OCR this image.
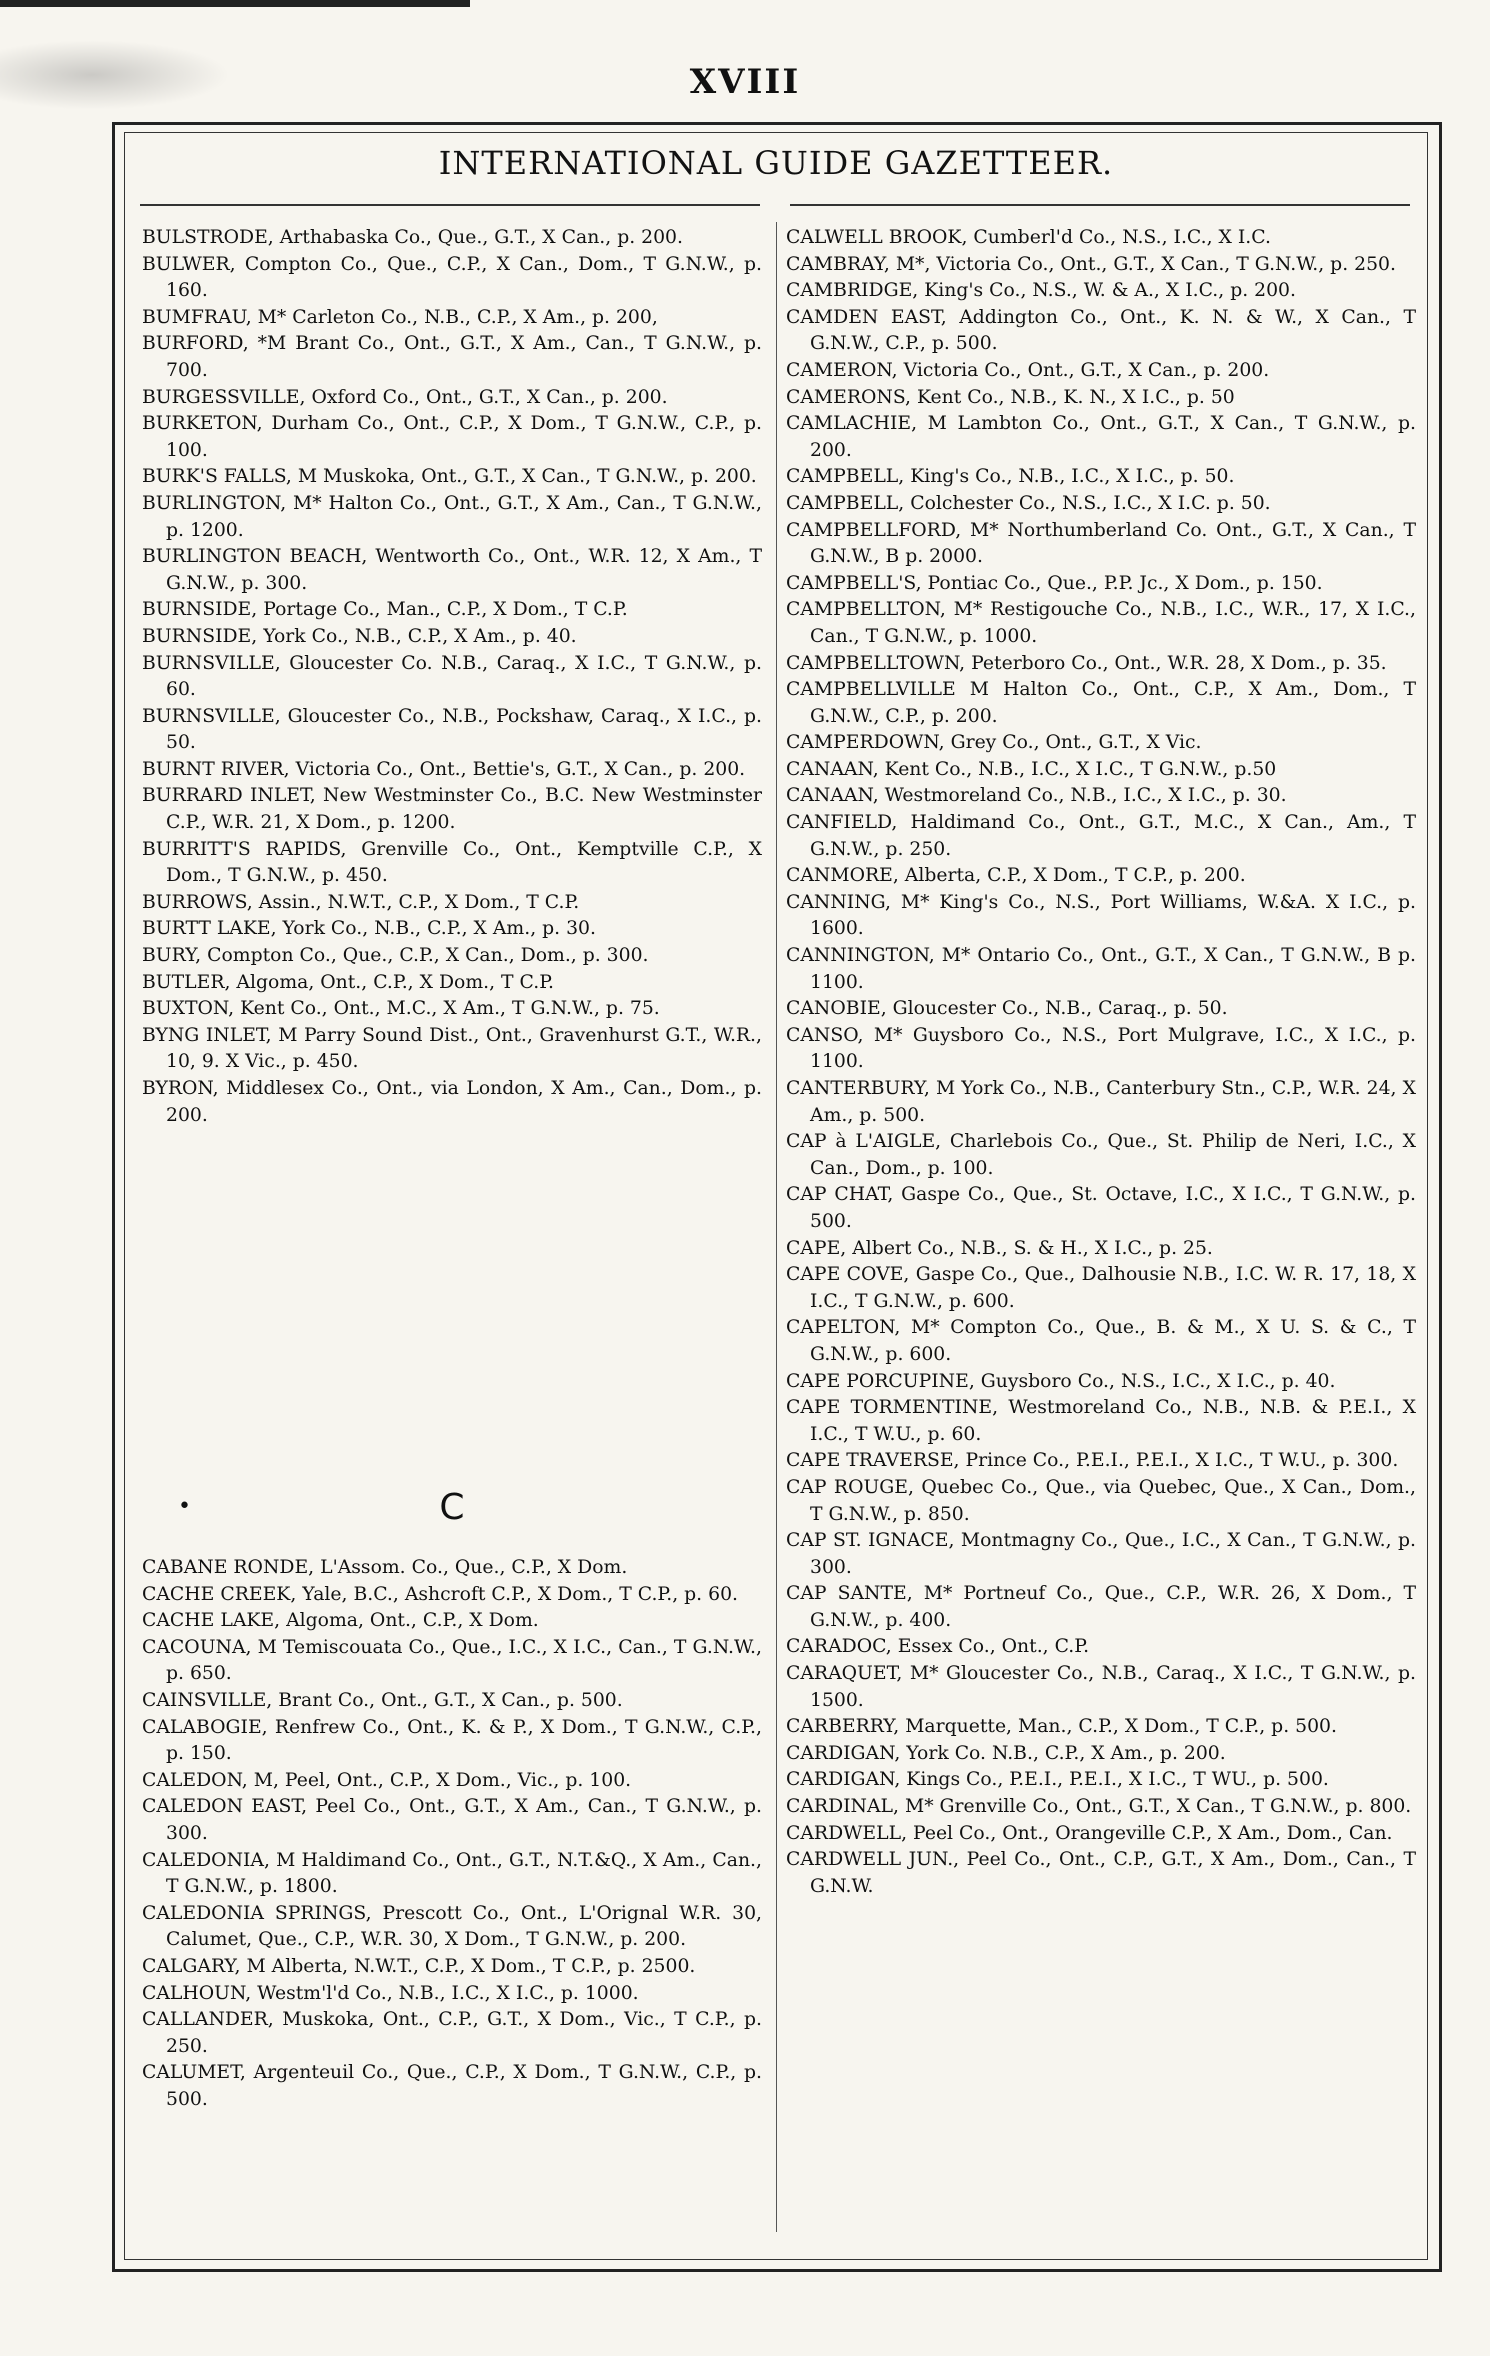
XVIII
INTERNATIONAL GUIDE GAZETTEER.
BULSTRODE, Arthabaska Co., Que., G.T., X Can., p. 200.
BULWER, Compton Co., Que., C.P., X Can., Dom., T G.N.W., p. 160.
BUMFRAU, M* Carleton Co., N.B., C.P., X Am., p. 200,
BURFORD, *M Brant Co., Ont., G.T., X Am., Can., T G.N.W., p. 700.
BURGESSVILLE, Oxford Co., Ont., G.T., X Can., p. 200.
BURKETON, Durham Co., Ont., C.P., X Dom., T G.N.W., C.P., p. 100.
BURK'S FALLS, M Muskoka, Ont., G.T., X Can., T G.N.W., p. 200.
BURLINGTON, M* Halton Co., Ont., G.T., X Am., Can., T G.N.W., p. 1200.
BURLINGTON BEACH, Wentworth Co., Ont., W.R. 12, X Am., T G.N.W., p. 300.
BURNSIDE, Portage Co., Man., C.P., X Dom., T C.P.
BURNSIDE, York Co., N.B., C.P., X Am., p. 40.
BURNSVILLE, Gloucester Co. N.B., Caraq., X I.C., T G.N.W., p. 60.
BURNSVILLE, Gloucester Co., N.B., Pockshaw, Caraq., X I.C., p. 50.
BURNT RIVER, Victoria Co., Ont., Bettie's, G.T., X Can., p. 200.
BURRARD INLET, New Westminster Co., B.C. New Westminster C.P., W.R. 21, X Dom., p. 1200.
BURRITT'S RAPIDS, Grenville Co., Ont., Kemptville C.P., X Dom., T G.N.W., p. 450.
BURROWS, Assin., N.W.T., C.P., X Dom., T C.P.
BURTT LAKE, York Co., N.B., C.P., X Am., p. 30.
BURY, Compton Co., Que., C.P., X Can., Dom., p. 300.
BUTLER, Algoma, Ont., C.P., X Dom., T C.P.
BUXTON, Kent Co., Ont., M.C., X Am., T G.N.W., p. 75.
BYNG INLET, M Parry Sound Dist., Ont., Gravenhurst G.T., W.R., 10, 9. X Vic., p. 450.
BYRON, Middlesex Co., Ont., via London, X Am., Can., Dom., p. 200.
•	C
CABANE RONDE, L'Assom. Co., Que., C.P., X Dom.
CACHE CREEK, Yale, B.C., Ashcroft C.P., X Dom., T C.P., p. 60.
CACHE LAKE, Algoma, Ont., C.P., X Dom.
CACOUNA, M Temiscouata Co., Que., I.C., X I.C., Can., T G.N.W., p. 650.
CAINSVILLE, Brant Co., Ont., G.T., X Can., p. 500.
CALABOGIE, Renfrew Co., Ont., K. & P., X Dom., T G.N.W., C.P., p. 150.
CALEDON, M, Peel, Ont., C.P., X Dom., Vic., p. 100.
CALEDON EAST, Peel Co., Ont., G.T., X Am., Can., T G.N.W., p. 300.
CALEDONIA, M Haldimand Co., Ont., G.T., N.T.&Q., X Am., Can., T G.N.W., p. 1800.
CALEDONIA SPRINGS, Prescott Co., Ont., L'Orignal W.R. 30, Calumet, Que., C.P., W.R. 30, X Dom., T G.N.W., p. 200.
CALGARY, M Alberta, N.W.T., C.P., X Dom., T C.P., p. 2500.
CALHOUN, Westm'l'd Co., N.B., I.C., X I.C., p. 1000.
CALLANDER, Muskoka, Ont., C.P., G.T., X Dom., Vic., T C.P., p. 250.
CALUMET, Argenteuil Co., Que., C.P., X Dom., T G.N.W., C.P., p. 500.
CALWELL BROOK, Cumberl'd Co., N.S., I.C., X I.C.
CAMBRAY, M*, Victoria Co., Ont., G.T., X Can., T G.N.W., p. 250.
CAMBRIDGE, King's Co., N.S., W. & A., X I.C., p. 200.
CAMDEN EAST, Addington Co., Ont., K. N. & W., X Can., T G.N.W., C.P., p. 500.
CAMERON, Victoria Co., Ont., G.T., X Can., p. 200.
CAMERONS, Kent Co., N.B., K. N., X I.C., p. 50
CAMLACHIE, M Lambton Co., Ont., G.T., X Can., T G.N.W., p. 200.
CAMPBELL, King's Co., N.B., I.C., X I.C., p. 50.
CAMPBELL, Colchester Co., N.S., I.C., X I.C. p. 50.
CAMPBELLFORD, M* Northumberland Co. Ont., G.T., X Can., T G.N.W., B p. 2000.
CAMPBELL'S, Pontiac Co., Que., P.P. Jc., X Dom., p. 150.
CAMPBELLTON, M* Restigouche Co., N.B., I.C., W.R., 17, X I.C., Can., T G.N.W., p. 1000.
CAMPBELLTOWN, Peterboro Co., Ont., W.R. 28, X Dom., p. 35.
CAMPBELLVILLE M Halton Co., Ont., C.P., X Am., Dom., T G.N.W., C.P., p. 200.
CAMPERDOWN, Grey Co., Ont., G.T., X Vic.
CANAAN, Kent Co., N.B., I.C., X I.C., T G.N.W., p.50
CANAAN, Westmoreland Co., N.B., I.C., X I.C., p. 30.
CANFIELD, Haldimand Co., Ont., G.T., M.C., X Can., Am., T G.N.W., p. 250.
CANMORE, Alberta, C.P., X Dom., T C.P., p. 200.
CANNING, M* King's Co., N.S., Port Williams, W.&A. X I.C., p. 1600.
CANNINGTON, M* Ontario Co., Ont., G.T., X Can., T G.N.W., B p. 1100.
CANOBIE, Gloucester Co., N.B., Caraq., p. 50.
CANSO, M* Guysboro Co., N.S., Port Mulgrave, I.C., X I.C., p. 1100.
CANTERBURY, M York Co., N.B., Canterbury Stn., C.P., W.R. 24, X Am., p. 500.
CAP à L'AIGLE, Charlebois Co., Que., St. Philip de Neri, I.C., X Can., Dom., p. 100.
CAP CHAT, Gaspe Co., Que., St. Octave, I.C., X I.C., T G.N.W., p. 500.
CAPE, Albert Co., N.B., S. & H., X I.C., p. 25.
CAPE COVE, Gaspe Co., Que., Dalhousie N.B., I.C. W. R. 17, 18, X I.C., T G.N.W., p. 600.
CAPELTON, M* Compton Co., Que., B. & M., X U. S. & C., T G.N.W., p. 600.
CAPE PORCUPINE, Guysboro Co., N.S., I.C., X I.C., p. 40.
CAPE TORMENTINE, Westmoreland Co., N.B., N.B. & P.E.I., X I.C., T W.U., p. 60.
CAPE TRAVERSE, Prince Co., P.E.I., P.E.I., X I.C., T W.U., p. 300.
CAP ROUGE, Quebec Co., Que., via Quebec, Que., X Can., Dom., T G.N.W., p. 850.
CAP ST. IGNACE, Montmagny Co., Que., I.C., X Can., T G.N.W., p. 300.
CAP SANTE, M* Portneuf Co., Que., C.P., W.R. 26, X Dom., T G.N.W., p. 400.
CARADOC, Essex Co., Ont., C.P.
CARAQUET, M* Gloucester Co., N.B., Caraq., X I.C., T G.N.W., p. 1500.
CARBERRY, Marquette, Man., C.P., X Dom., T C.P., p. 500.
CARDIGAN, York Co. N.B., C.P., X Am., p. 200.
CARDIGAN, Kings Co., P.E.I., P.E.I., X I.C., T WU., p. 500.
CARDINAL, M* Grenville Co., Ont., G.T., X Can., T G.N.W., p. 800.
CARDWELL, Peel Co., Ont., Orangeville C.P., X Am., Dom., Can.
CARDWELL JUN., Peel Co., Ont., C.P., G.T., X Am., Dom., Can., T G.N.W.
